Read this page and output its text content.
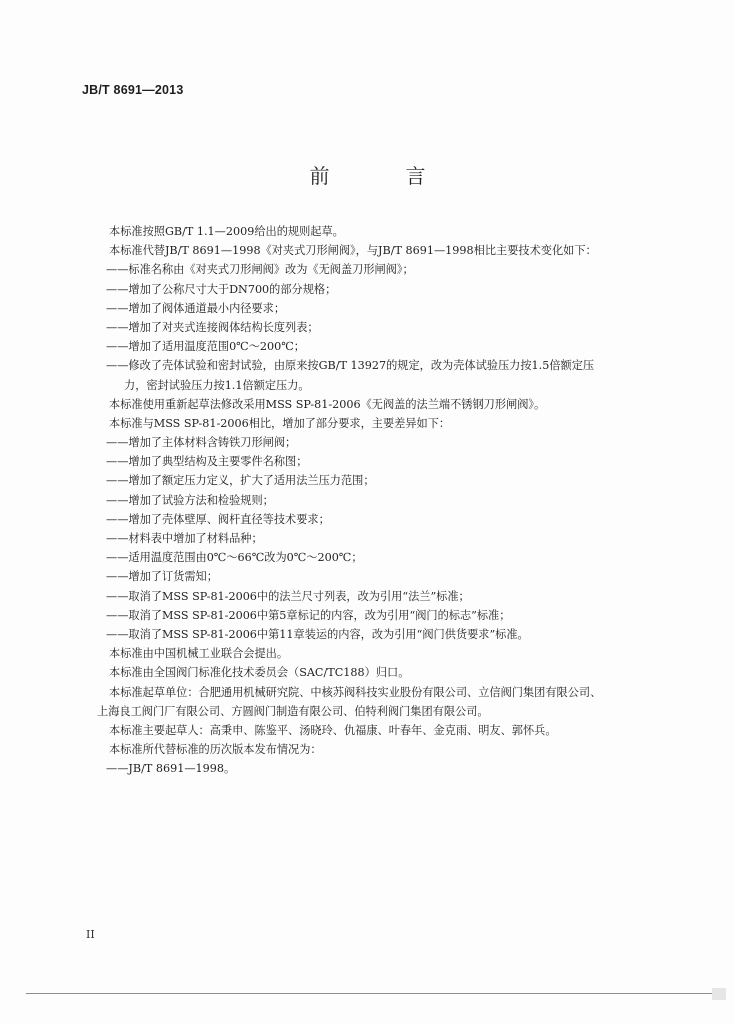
JB/T 8691—2013
前　言
本标准按照GB/T 1.1—2009给出的规则起草。
本标准代替JB/T 8691—1998《对夹式刀形闸阀》，与JB/T 8691—1998相比主要技术变化如下：
——标准名称由《对夹式刀形闸阀》改为《无阀盖刀形闸阀》；
——增加了公称尺寸大于DN700的部分规格；
——增加了阀体通道最小内径要求；
——增加了对夹式连接阀体结构长度列表；
——增加了适用温度范围0℃～200℃；
——修改了壳体试验和密封试验，由原来按GB/T 13927的规定，改为壳体试验压力按1.5倍额定压
力，密封试验压力按1.1倍额定压力。
本标准使用重新起草法修改采用MSS SP-81-2006《无阀盖的法兰端不锈钢刀形闸阀》。
本标准与MSS SP-81-2006相比，增加了部分要求，主要差异如下：
——增加了主体材料含铸铁刀形闸阀；
——增加了典型结构及主要零件名称图；
——增加了额定压力定义，扩大了适用法兰压力范围；
——增加了试验方法和检验规则；
——增加了壳体壁厚、阀杆直径等技术要求；
——材料表中增加了材料品种；
——适用温度范围由0℃～66℃改为0℃～200℃；
——增加了订货需知；
——取消了MSS SP-81-2006中的法兰尺寸列表，改为引用“法兰”标准；
——取消了MSS SP-81-2006中第5章标记的内容，改为引用“阀门的标志”标准；
——取消了MSS SP-81-2006中第11章装运的内容，改为引用“阀门供货要求”标准。
本标准由中国机械工业联合会提出。
本标准由全国阀门标准化技术委员会（SAC/TC188）归口。
本标准起草单位：合肥通用机械研究院、中核苏阀科技实业股份有限公司、立信阀门集团有限公司、
上海良工阀门厂有限公司、方圆阀门制造有限公司、伯特利阀门集团有限公司。
本标准主要起草人：高秉申、陈鉴平、汤晓玲、仇福康、叶春年、金克雨、明友、郭怀兵。
本标准所代替标准的历次版本发布情况为：
——JB/T 8691—1998。
II
